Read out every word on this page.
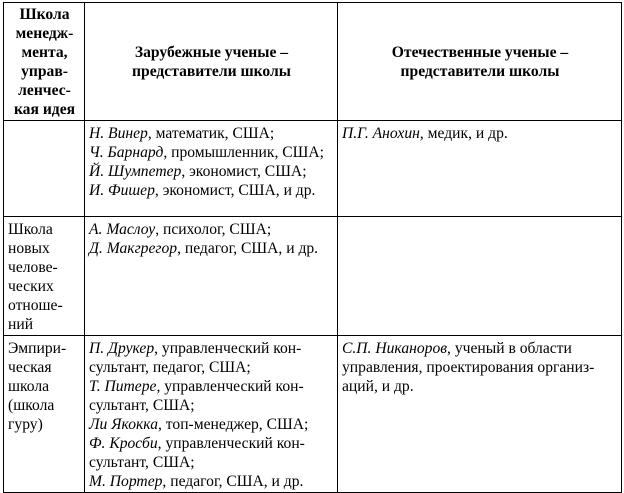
Школа менедж-мента, управ-ленчес-кая идея	Зарубежные ученые – представители школы	Отечественные ученые – представители школы

	Н. Винер, математик, США;
Ч. Барнард, промышленник, США;
Й. Шумпетер, экономист, США;
И. Фишер, экономист, США, и др.	П.Г. Анохин, медик, и др.

Школа новых челове-ческих отноше-ний	А. Маслоу, психолог, США;
Д. Макгрегор, педагог, США, и др.	

Эмпири-ческая школа (школа гуру)	П. Друкер, управленческий кон-сультант, педагог, США;
Т. Питере, управленческий кон-сультант, США;
Ли Якокка, топ-менеджер, США;
Ф. Кросби, управленческий кон-сультант, США;
М. Портер, педагог, США, и др.	С.П. Никаноров, ученый в области управления, проектирования организ-аций, и др.
